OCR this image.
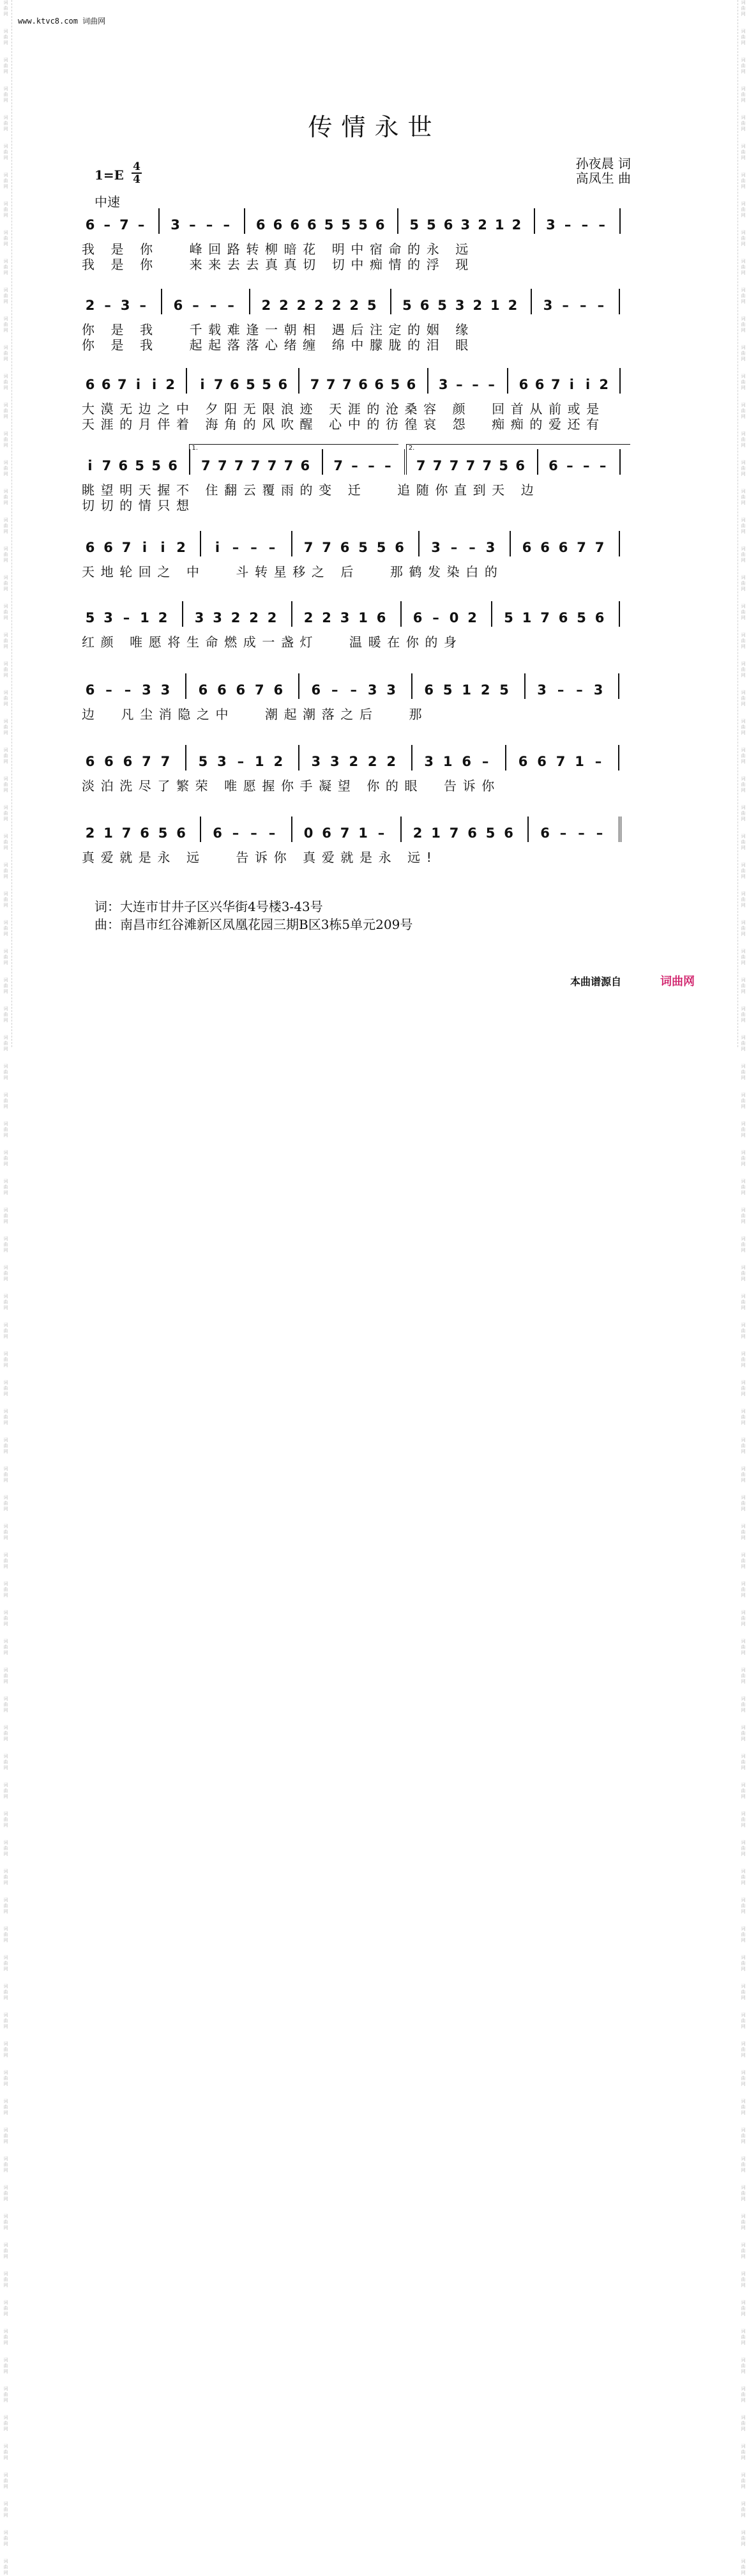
词
曲
网

词
曲
网

词
曲
网

词
曲
网

词
曲
网

词
曲
网

词
曲
网

词
曲
网

词
曲
网

词
曲
网

词
曲
网

词
曲
网

词
曲
网

词
曲
网

词
曲
网

词
曲
网

词
曲
网

词
曲
网

词
曲
网

词
曲
网

词
曲
网

词
曲
网

词
曲
网

词
曲
网

词
曲
网

词
曲
网

词
曲
网

词
曲
网

词
曲
网

词
曲
网

词
曲
网

词
曲
网

词
曲
网

词
曲
网

词
曲
网

词
曲
网

词
曲
网

词
曲
网

词
曲
网

词
曲
网

词
曲
网

词
曲
网

词
曲
网

词
曲
网

词
曲
网

词
曲
网

词
曲
网

词
曲
网

词
曲
网

词
曲
网

词
曲
网

词
曲
网

词
曲
网

词
曲
网

词
曲
网

词
曲
网

词
曲
网

词
曲
网

词
曲
网

词
曲
网

词
曲
网

词
曲
网

词
曲
网

词
曲
网

词
曲
网

词
曲
网

词
曲
网

词
曲
网

词
曲
网

词
曲
网

词
曲
网

词
曲
网

词
曲
网

词
曲
网

词
曲
网

词
曲
网

词
曲
网

词
曲
网

词
曲
网

词
曲
网

词
曲
网

词
曲
网

词
曲
网

词
曲
网

词
曲
网

词
曲
网

词
曲
网

词
曲
网

词
曲
网

词
曲
网

词
曲
网

词
曲
网

词
曲
网

词
曲
网

词
曲
网

词
曲
网

词
曲
网

词
曲
网

词
曲
网

词
曲
网

词
曲
网

词
曲
网

词
曲
网

词
曲
网

词
曲
网

词
曲
网

词
曲
网

词
曲
网

词
曲
网

词
曲
网

词
曲
网

词
曲
网

词
曲
网

词
曲
网

词
曲
网

词
曲
网

词
曲
网

词
曲
网

词
曲
网

词
曲
网

词
曲
网

词
曲
网

词
曲
网

词
曲
网

词
曲
网

词
曲
网

词
曲
网

词
曲
网

词
曲
网

词
曲
网

词
曲
网

词
曲
网

词
曲
网

词
曲
网

词
曲
网

词
曲
网

词
曲
网

词
曲
网

词
曲
网

词
曲
网

词
曲
网

词
曲
网

词
曲
网

词
曲
网

词
曲
网

词
曲
网

词
曲
网

词
曲
网

词
曲
网

词
曲
网

词
曲
网

词
曲
网

词
曲
网

词
曲
网

词
曲
网

词
曲
网

词
曲
网

词
曲
网

词
曲
网

词
曲
网

词
曲
网

词
曲
网

词
曲
网

词
曲
网

词
曲
网

词
曲
网

词
曲
网

词
曲
网

词
曲
网

词
曲
网

词
曲
网

词
曲
网

词
曲
网

词
曲
网

词
曲
网

词
曲
网

词
曲
网

词
曲
网

词
曲
网

词
曲
网

www.ktvc8.com 词曲网
传情永世
1=E
4
4
中速
孙夜晨 词
高凤生 曲
6 – 7 –	3 – – –	6 6 6 6 5 5 5 6 5 5 6 3 2 1 2 3 – – –
我 是 你   峰回路转柳暗花 明中宿命的永 远
我 是 你   来来去去真真切 切中痴情的浮 现
2 – 3 –	6 – – –	2 2 2 2 2 2 5 5 6 5 3 2 1 2 3 – – –
你 是 我   千载难逢一朝相 遇后注定的姻 缘
你 是 我   起起落落心绪缠 绵中朦胧的泪 眼
6 6 7 i i 2	i 7 6 5 5 6 7 7 7 6 6 5 6 3 – – –	6 6 7 i i 2
大漠无边之中 夕阳无限浪迹 天涯的沧桑容 颜  回首从前或是
天涯的月伴着 海角的风吹醒 心中的彷徨哀 怨  痴痴的爱还有
i 7 6 5 5 6 7 7 7 7 7 7 6 7 – – –	7 7 7 7 7 5 6 6 – – –
1.	2.
眺望明天握不 住翻云覆雨的变 迁   追随你直到天 边
切切的情只想
6 6 7 i	i 2	i – – –	7 7 6 5 5 6 3 – – 3 6 6 6 7 7
天地轮回之 中   斗转星移之 后   那鹤发染白的
5 3 – 1 2 3 3 2 2 2 2 2 3 1 6 6 – 0 2 5 1 7 6 5 6
红颜 唯愿将生命燃成一盏灯   温暖在你的身
6 – – 3 3 6 6 6 7 6 6 – – 3 3 6 5 1 2 5 3 – – 3
边  凡尘消隐之中   潮起潮落之后   那
6 6 6 7 7 5 3 – 1 2 3 3 2 2 2 3 1 6 –	6 6 7 1 –
淡泊洗尽了繁荣 唯愿握你手凝望 你的眼  告诉你
2 1 7 6 5 6 6 – – –	0 6 7 1 –	2 1 7 6 5 6 6 – – –
真爱就是永 远   告诉你 真爱就是永 远!
词：大连市甘井子区兴华街4号楼3-43号
曲：南昌市红谷滩新区凤凰花园三期B区3栋5单元209号
本曲谱源自	词曲网
